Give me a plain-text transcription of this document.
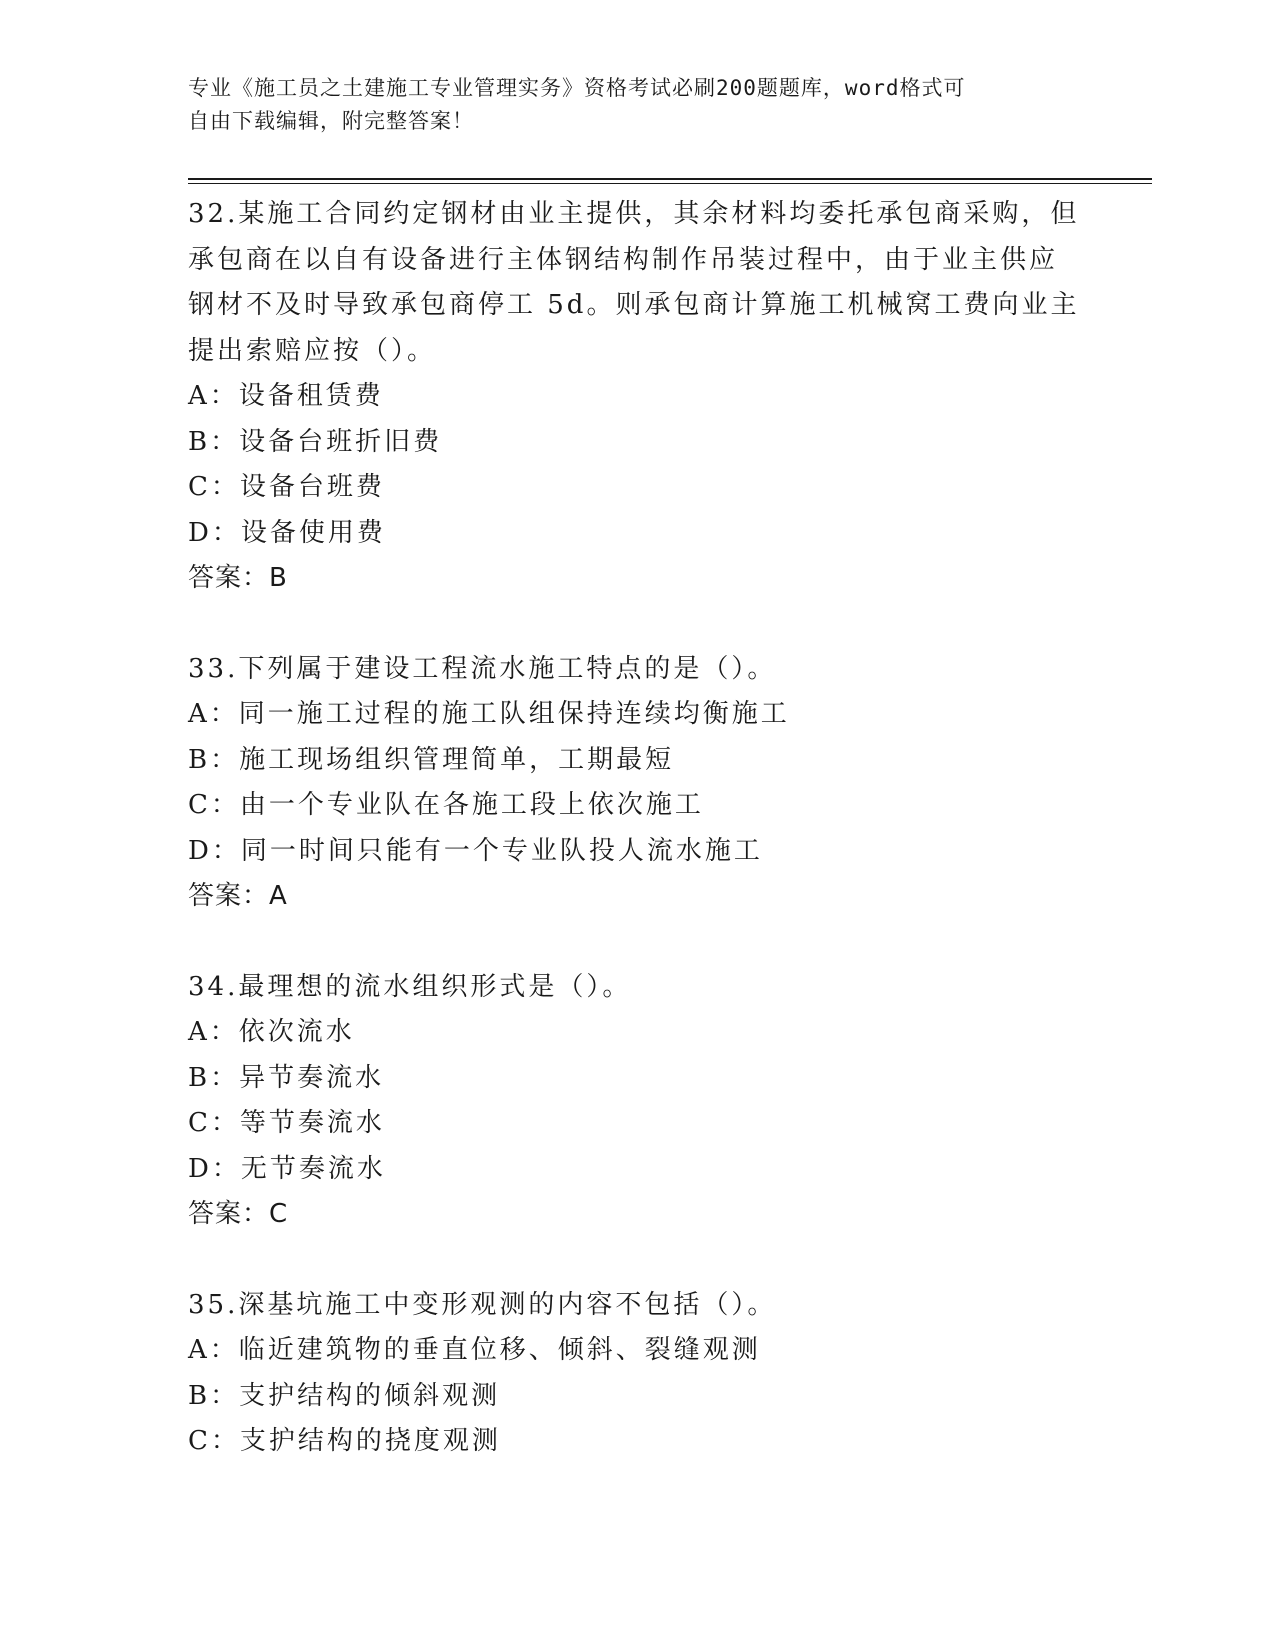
专业《施工员之土建施工专业管理实务》资格考试必刷200题题库，word格式可
自由下载编辑，附完整答案！

32.某施工合同约定钢材由业主提供，其余材料均委托承包商采购，但

承包商在以自有设备进行主体钢结构制作吊装过程中，由于业主供应

钢材不及时导致承包商停工 5d。则承包商计算施工机械窝工费向业主

提出索赔应按（）。

A：设备租赁费

B：设备台班折旧费

C：设备台班费

D：设备使用费

答案：B

33.下列属于建设工程流水施工特点的是（）。

A：同一施工过程的施工队组保持连续均衡施工

B：施工现场组织管理简单，工期最短

C：由一个专业队在各施工段上依次施工

D：同一时间只能有一个专业队投人流水施工

答案：A

34.最理想的流水组织形式是（）。

A：依次流水

B：异节奏流水

C：等节奏流水

D：无节奏流水

答案：C

35.深基坑施工中变形观测的内容不包括（）。

A：临近建筑物的垂直位移、倾斜、裂缝观测

B：支护结构的倾斜观测

C：支护结构的挠度观测
